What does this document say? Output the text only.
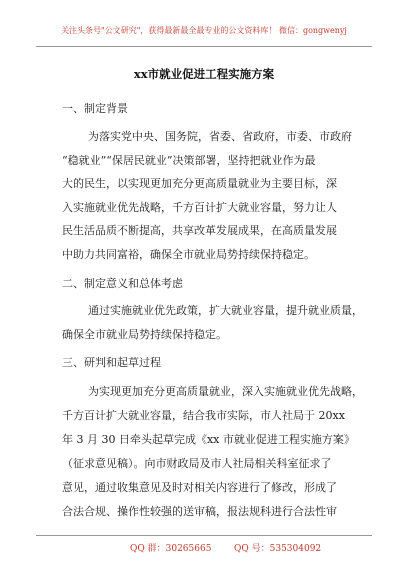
关注头条号"公文研究"，获得最新最全最专业的公文资料库！ 微信：gongwenyj
xx市就业促进工程实施方案
一、制定背景
为落实党中央、国务院，省委、省政府，市委、市政府
“稳就业”“保居民就业”决策部署，坚持把就业作为最
大的民生，以实现更加充分更高质量就业为主要目标，深
入实施就业优先战略，千方百计扩大就业容量，努力让人
民生活品质不断提高，共享改革发展成果，在高质量发展
中助力共同富裕，确保全市就业局势持续保持稳定。
二、制定意义和总体考虑
通过实施就业优先政策，扩大就业容量，提升就业质量，
确保全市就业局势持续保持稳定。
三、研判和起草过程
为实现更加充分更高质量就业，深入实施就业优先战略，
千方百计扩大就业容量，结合我市实际，市人社局于 20xx
年 3 月 30 日牵头起草完成《xx 市就业促进工程实施方案》
（征求意见稿）。向市财政局及市人社局相关科室征求了
意见，通过收集意见及时对相关内容进行了修改，形成了
合法合规、操作性较强的送审稿，报法规科进行合法性审
QQ 群：30265665	QQ 号：535304092
